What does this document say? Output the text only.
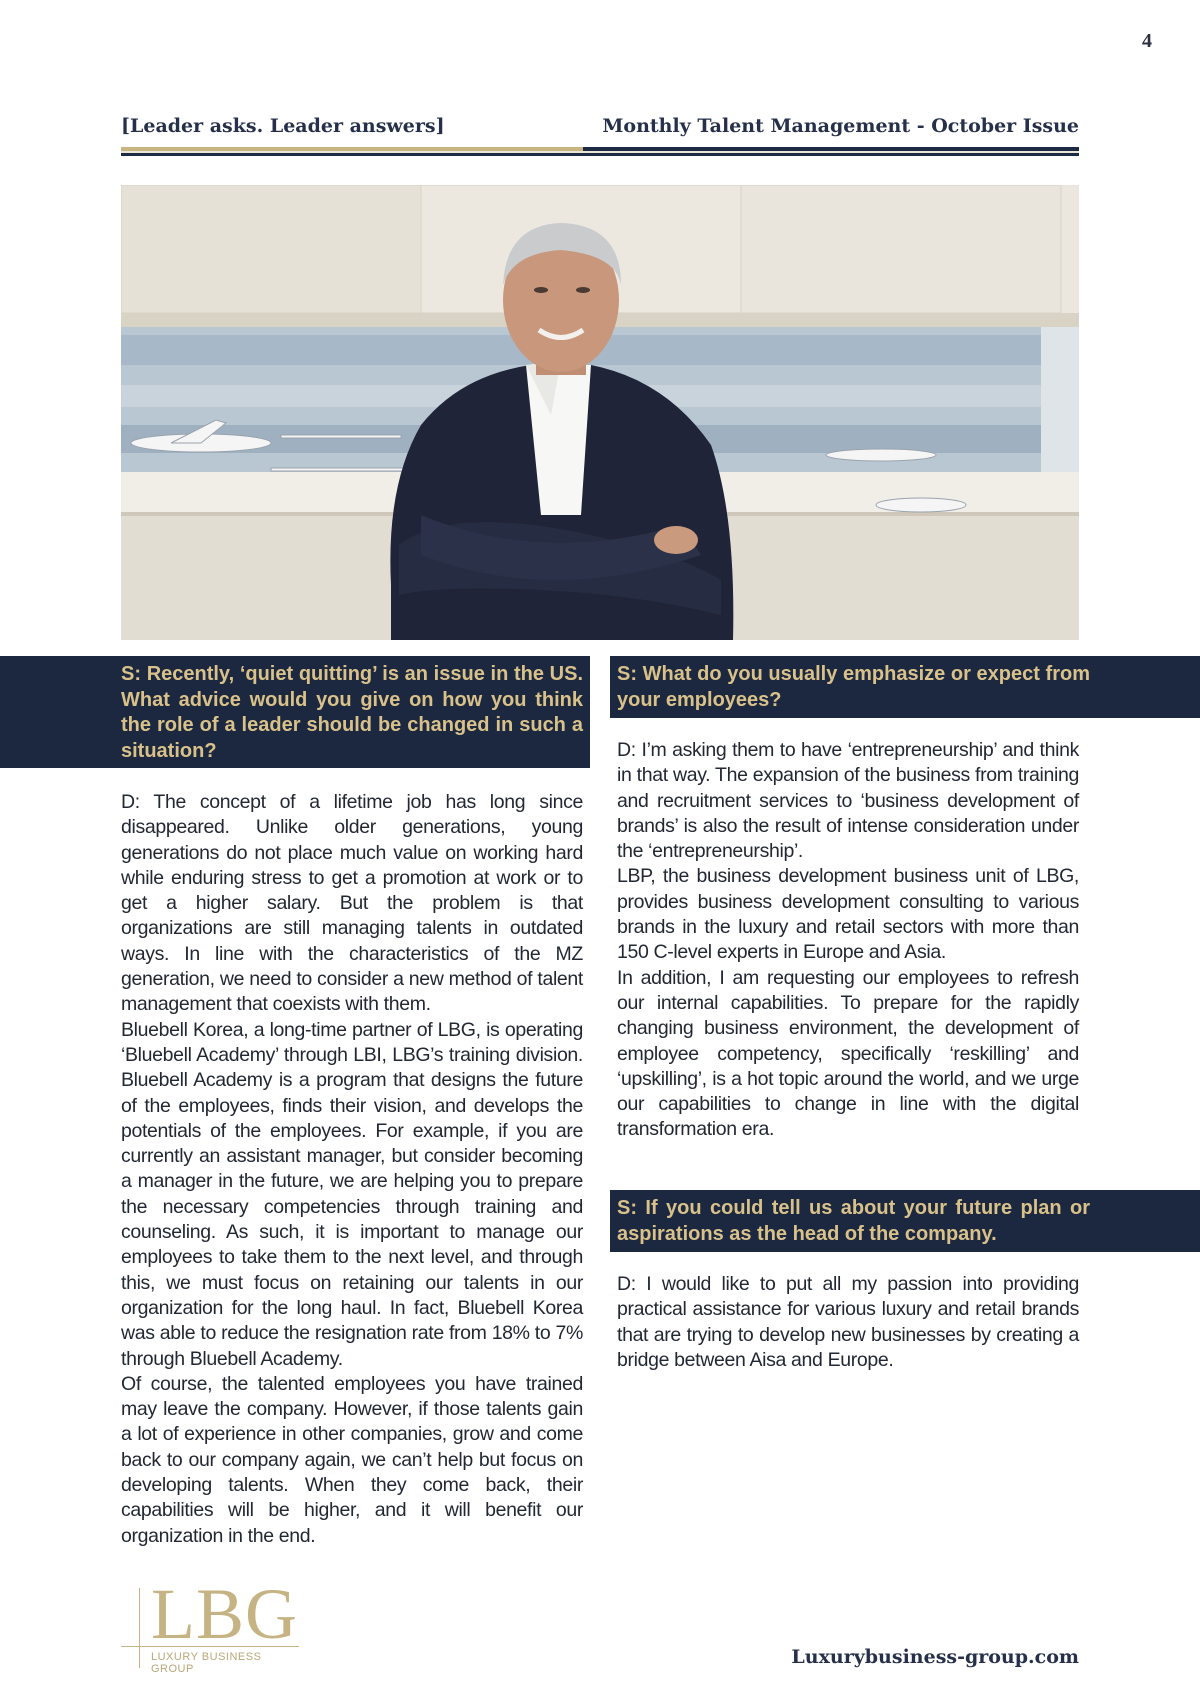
4
[Leader asks. Leader answers]	Monthly Talent Management - October Issue
S: Recently, ‘quiet quitting’ is an issue in the US. What advice would you give on how you think the role of a leader should be changed in such a situation?
S: What do you usually emphasize or expect from your employees?
S: If you could tell us about your future plan or aspirations as the head of the company.

D: The concept of a lifetime job has long since disappeared. Unlike older generations, young generations do not place much value on working hard while enduring stress to get a promotion at work or to get a higher salary. But the problem is that organizations are still managing talents in outdated ways. In line with the characteristics of the MZ generation, we need to consider a new method of talent management that coexists with them.

Bluebell Korea, a long-time partner of LBG, is operating ‘Bluebell Academy’ through LBI, LBG’s training division. Bluebell Academy is a program that designs the future of the employees, finds their vision, and develops the potentials of the employees. For example, if you are currently an assistant manager, but consider becoming a manager in the future, we are helping you to prepare the necessary competencies through training and counseling. As such, it is important to manage our employees to take them to the next level, and through this, we must focus on retaining our talents in our organization for the long haul. In fact, Bluebell Korea was able to reduce the resignation rate from 18% to 7% through Bluebell Academy.

Of course, the talented employees you have trained may leave the company. However, if those talents gain a lot of experience in other companies, grow and come back to our company again, we can’t help but focus on developing talents. When they come back, their capabilities will be higher, and it will benefit our organization in the end.

D: I’m asking them to have ‘entrepreneurship’ and think in that way. The expansion of the business from training and recruitment services to ‘business development of brands’ is also the result of intense consideration under the ‘entrepreneurship’.

LBP, the business development business unit of LBG, provides business development consulting to various brands in the luxury and retail sectors with more than 150 C-level experts in Europe and Asia.

In addition, I am requesting our employees to refresh our internal capabilities. To prepare for the rapidly changing business environment, the development of employee competency, specifically ‘reskilling’ and ‘upskilling’, is a hot topic around the world, and we urge our capabilities to change in line with the digital transformation era.

D: I would like to put all my passion into providing practical assistance for various luxury and retail brands that are trying to develop new businesses by creating a bridge between Aisa and Europe.

LBG
LUXURY BUSINESS GROUP
Luxurybusiness-group.com
